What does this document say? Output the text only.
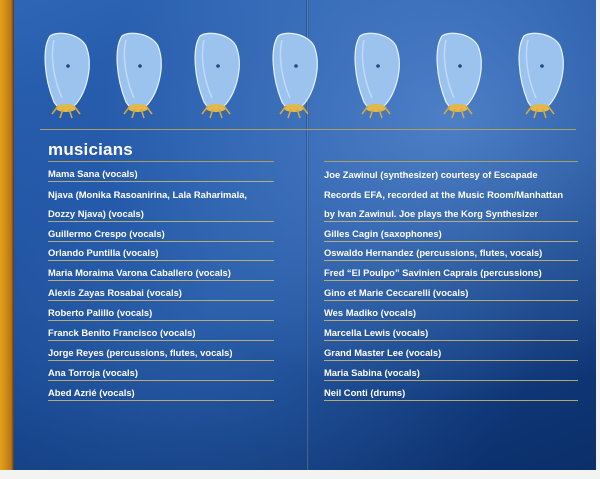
musicians
Mama Sana (vocals)
Njava (Monika Rasoanirina, Lala Raharimala,
Dozzy Njava) (vocals)
Guillermo Crespo (vocals)
Orlando Puntilla (vocals)
Maria Moraima Varona Caballero (vocals)
Alexis Zayas Rosabai (vocals)
Roberto Palillo (vocals)
Franck Benito Francisco (vocals)
Jorge Reyes (percussions, flutes, vocals)
Ana Torroja (vocals)
Abed Azrié (vocals)
Joe Zawinul (synthesizer) courtesy of Escapade
Records EFA, recorded at the Music Room/Manhattan
by Ivan Zawinul. Joe plays the Korg Synthesizer
Gilles Cagin (saxophones)
Oswaldo Hernandez (percussions, flutes, vocals)
Fred “El Poulpo” Savinien Caprais (percussions)
Gino et Marie Ceccarelli (vocals)
Wes Madiko (vocals)
Marcella Lewis (vocals)
Grand Master Lee (vocals)
Maria Sabina (vocals)
Neil Conti (drums)
